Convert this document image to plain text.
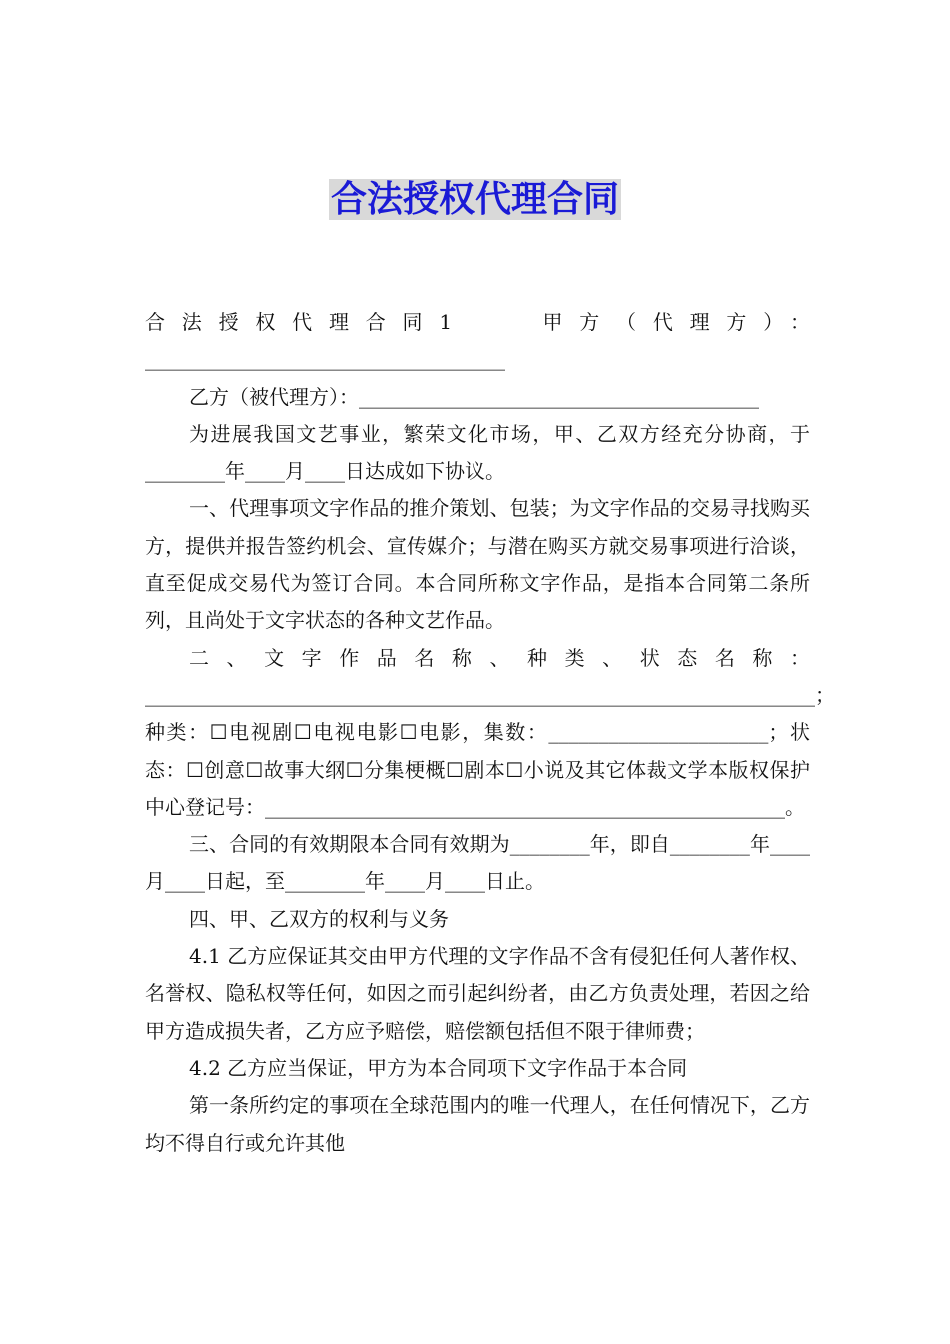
合法授权代理合同

合法授权代理合同1　　甲方（代理方）：____________________________________

乙方（被代理方）：________________________________________

为进展我国文艺事业，繁荣文化市场，甲、乙双方经充分协商，于________年____月____日达成如下协议。

一、代理事项文字作品的推介策划、包装；为文字作品的交易寻找购买方，提供并报告签约机会、宣传媒介；与潜在购买方就交易事项进行洽谈，直至促成交易代为签订合同。本合同所称文字作品，是指本合同第二条所列，且尚处于文字状态的各种文艺作品。

二、文字作品名称、种类、状态名称：___________________________________________________________________；种类：☐电视剧☐电视电影☐电影，集数：______________________；状态：☐创意☐故事大纲☐分集梗概☐剧本☐小说及其它体裁文学本版权保护中心登记号：____________________________________________________。

三、合同的有效期限本合同有效期为________年，即自________年____月____日起，至________年____月____日止。

四、甲、乙双方的权利与义务

4.1 乙方应保证其交由甲方代理的文字作品不含有侵犯任何人著作权、名誉权、隐私权等任何，如因之而引起纠纷者，由乙方负责处理，若因之给甲方造成损失者，乙方应予赔偿，赔偿额包括但不限于律师费；

4.2 乙方应当保证，甲方为本合同项下文字作品于本合同

第一条所约定的事项在全球范围内的唯一代理人，在任何情况下，乙方均不得自行或允许其他
